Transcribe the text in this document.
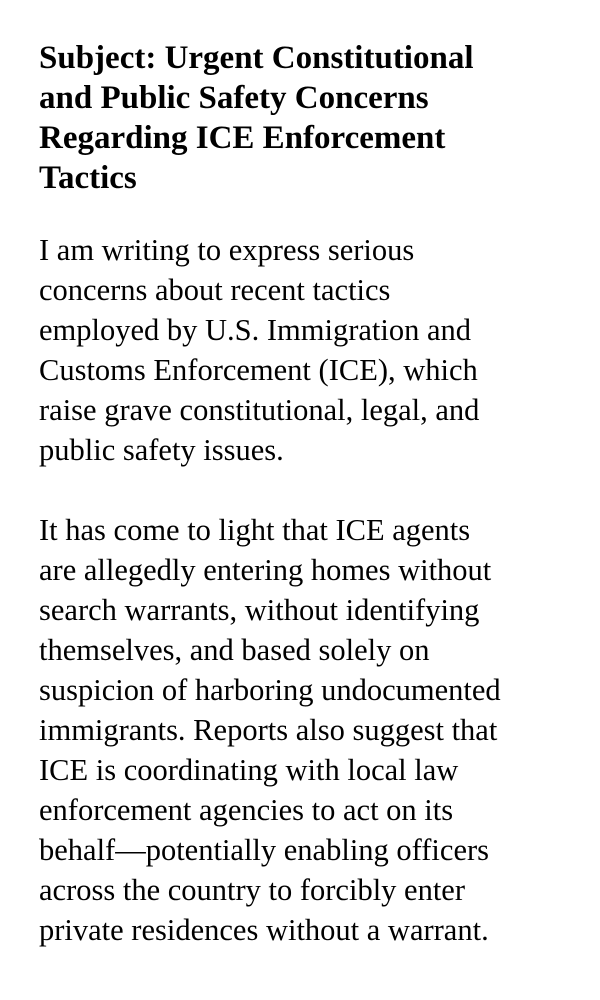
Subject: Urgent Constitutional
and Public Safety Concerns
Regarding ICE Enforcement
Tactics

I am writing to express serious
concerns about recent tactics
employed by U.S. Immigration and
Customs Enforcement (ICE), which
raise grave constitutional, legal, and
public safety issues.

It has come to light that ICE agents
are allegedly entering homes without
search warrants, without identifying
themselves, and based solely on
suspicion of harboring undocumented
immigrants. Reports also suggest that
ICE is coordinating with local law
enforcement agencies to act on its
behalf—potentially enabling officers
across the country to forcibly enter
private residences without a warrant.
